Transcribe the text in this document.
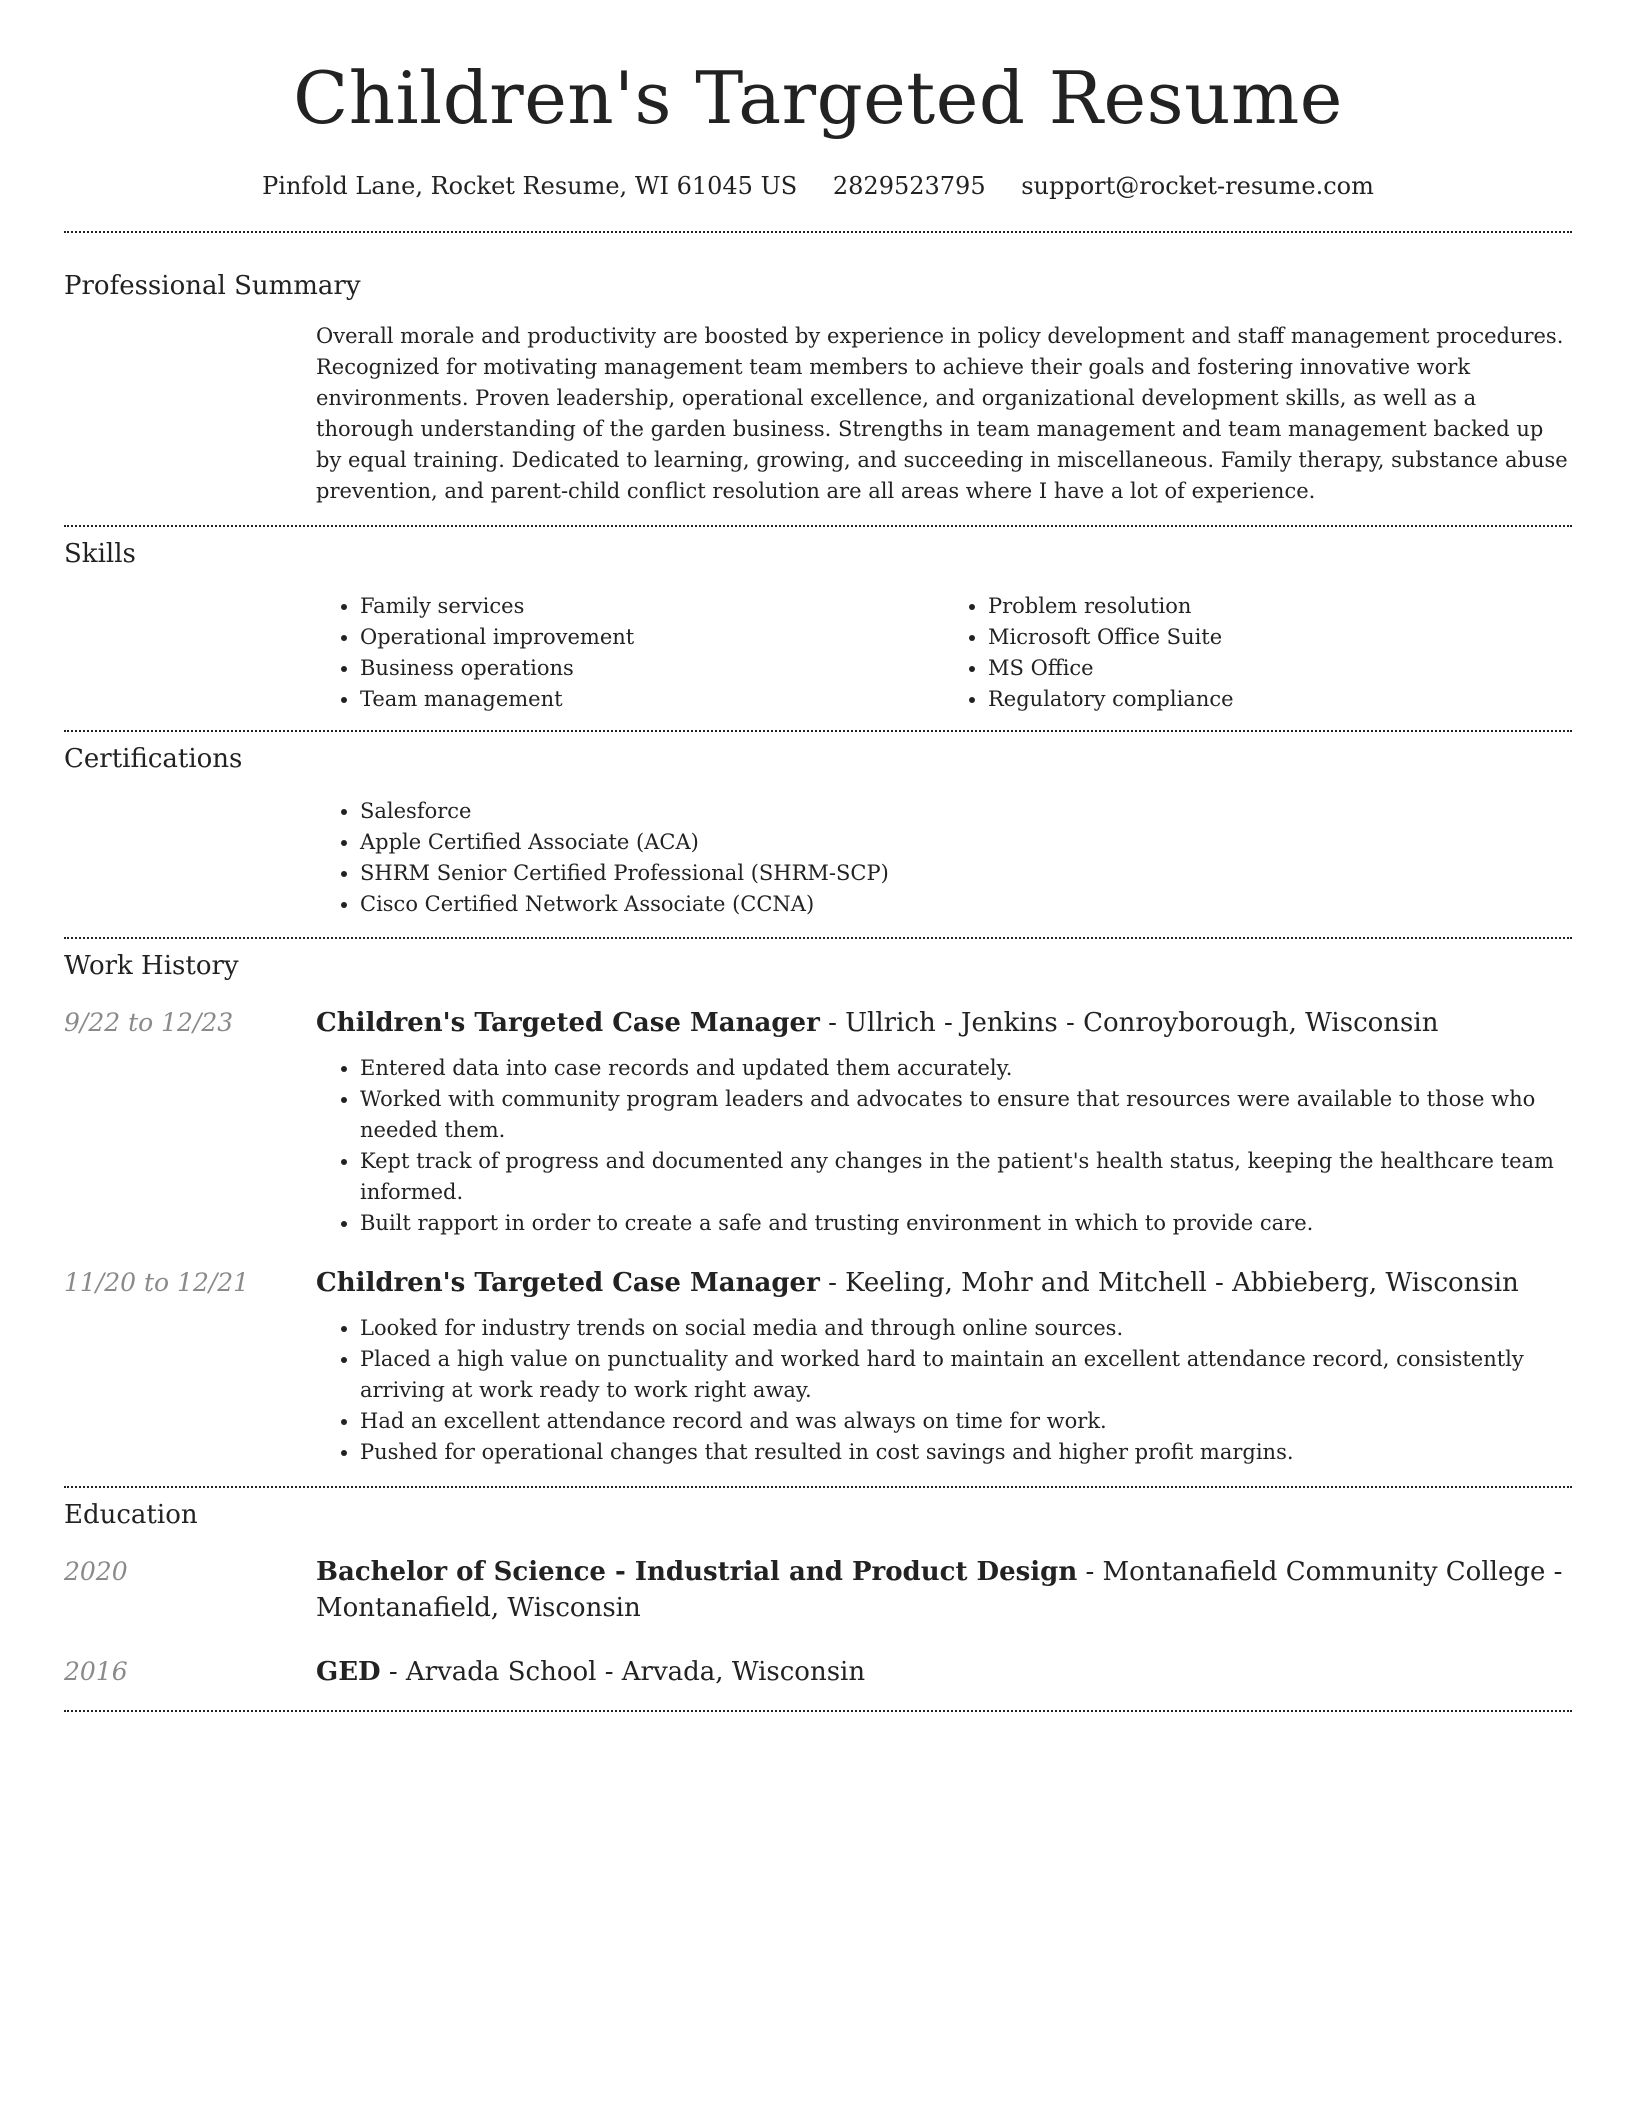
Children's Targeted Resume
Pinfold Lane, Rocket Resume, WI 61045 US 2829523795 support@rocket-resume.com
Professional Summary

Overall morale and productivity are boosted by experience in policy development and staff management procedures. Recognized for motivating management team members to achieve their goals and fostering innovative work environments. Proven leadership, operational excellence, and organizational development skills, as well as a thorough understanding of the garden business. Strengths in team management and team management backed up by equal training. Dedicated to learning, growing, and succeeding in miscellaneous. Family therapy, substance abuse prevention, and parent-child conflict resolution are all areas where I have a lot of experience.

Skills
• Family services
• Operational improvement
• Business operations
• Team management
• Problem resolution
• Microsoft Office Suite
• MS Office
• Regulatory compliance
Certifications
• Salesforce
• Apple Certified Associate (ACA)
• SHRM Senior Certified Professional (SHRM-SCP)
• Cisco Certified Network Associate (CCNA)
Work History
9/22 to 12/23	Children's Targeted Case Manager - Ullrich - Jenkins - Conroyborough, Wisconsin

• Entered data into case records and updated them accurately.
• Worked with community program leaders and advocates to ensure that resources were available to those who needed them.
• Kept track of progress and documented any changes in the patient's health status, keeping the healthcare team informed.
• Built rapport in order to create a safe and trusting environment in which to provide care.
11/20 to 12/21	Children's Targeted Case Manager - Keeling, Mohr and Mitchell - Abbieberg, Wisconsin

• Looked for industry trends on social media and through online sources.
• Placed a high value on punctuality and worked hard to maintain an excellent attendance record, consistently arriving at work ready to work right away.
• Had an excellent attendance record and was always on time for work.
• Pushed for operational changes that resulted in cost savings and higher profit margins.
Education
2020	Bachelor of Science - Industrial and Product Design - Montanafield Community College - Montanafield, Wisconsin

2016	GED - Arvada School - Arvada, Wisconsin
